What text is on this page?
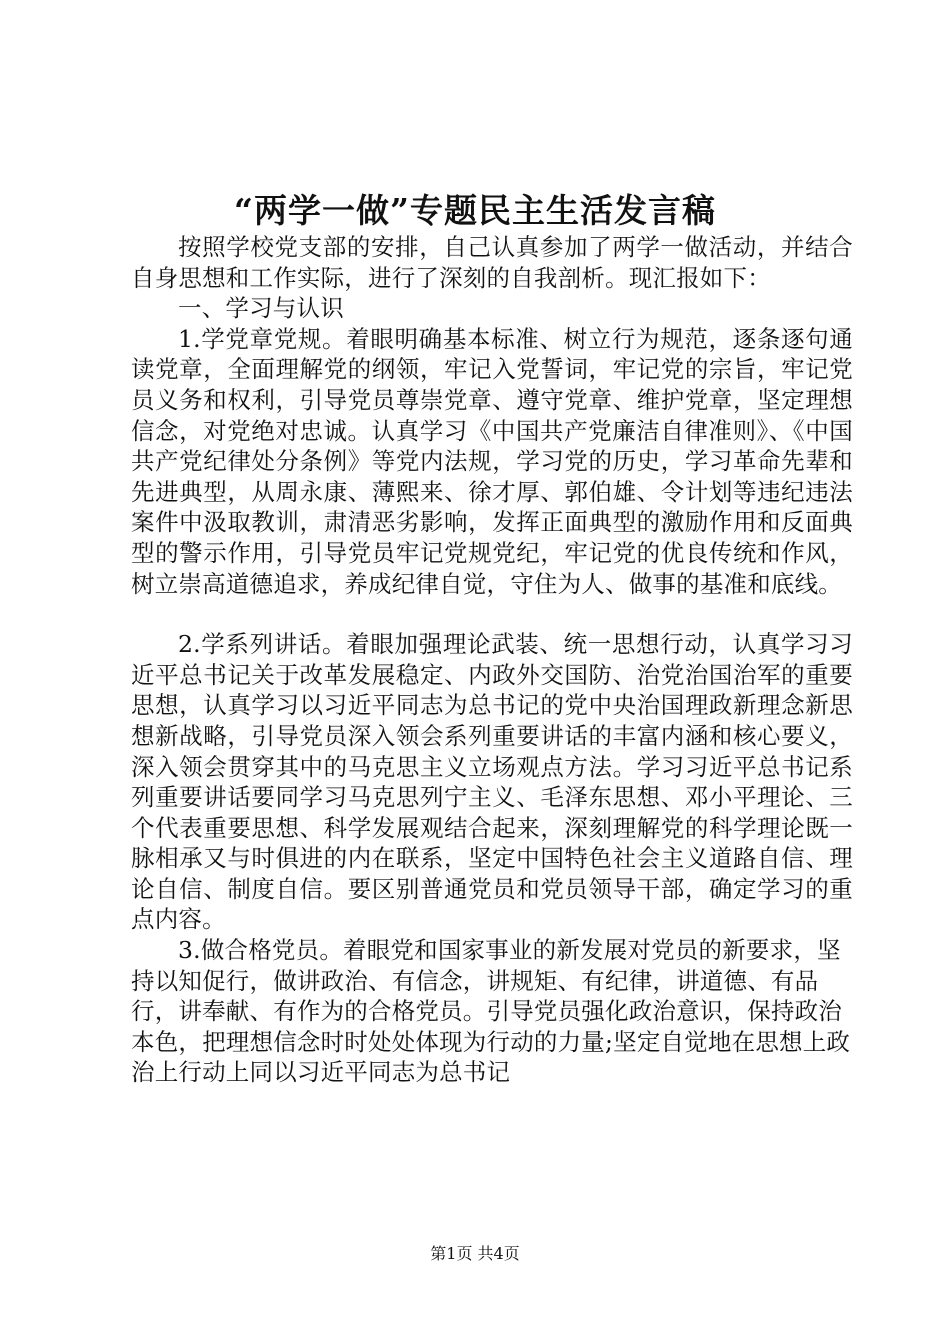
“两学一做”专题民主生活发言稿

按照学校党支部的安排，自己认真参加了两学一做活动，并结合自身思想和工作实际，进行了深刻的自我剖析。现汇报如下：

一、学习与认识

1.学党章党规。着眼明确基本标准、树立行为规范，逐条逐句通读党章，全面理解党的纲领，牢记入党誓词，牢记党的宗旨，牢记党员义务和权利，引导党员尊崇党章、遵守党章、维护党章，坚定理想信念，对党绝对忠诚。认真学习《中国共产党廉洁自律准则》、《中国共产党纪律处分条例》等党内法规，学习党的历史，学习革命先辈和先进典型，从周永康、薄熙来、徐才厚、郭伯雄、令计划等违纪违法案件中汲取教训，肃清恶劣影响，发挥正面典型的激励作用和反面典型的警示作用，引导党员牢记党规党纪，牢记党的优良传统和作风，树立崇高道德追求，养成纪律自觉，守住为人、做事的基准和底线。

2.学系列讲话。着眼加强理论武装、统一思想行动，认真学习习近平总书记关于改革发展稳定、内政外交国防、治党治国治军的重要思想，认真学习以习近平同志为总书记的党中央治国理政新理念新思想新战略，引导党员深入领会系列重要讲话的丰富内涵和核心要义，深入领会贯穿其中的马克思主义立场观点方法。学习习近平总书记系列重要讲话要同学习马克思列宁主义、毛泽东思想、邓小平理论、三个代表重要思想、科学发展观结合起来，深刻理解党的科学理论既一脉相承又与时俱进的内在联系，坚定中国特色社会主义道路自信、理论自信、制度自信。要区别普通党员和党员领导干部，确定学习的重点内容。

3.做合格党员。着眼党和国家事业的新发展对党员的新要求，坚持以知促行，做讲政治、有信念，讲规矩、有纪律，讲道德、有品行，讲奉献、有作为的合格党员。引导党员强化政治意识，保持政治本色，把理想信念时时处处体现为行动的力量;坚定自觉地在思想上政治上行动上同以习近平同志为总书记

第1页 共4页
